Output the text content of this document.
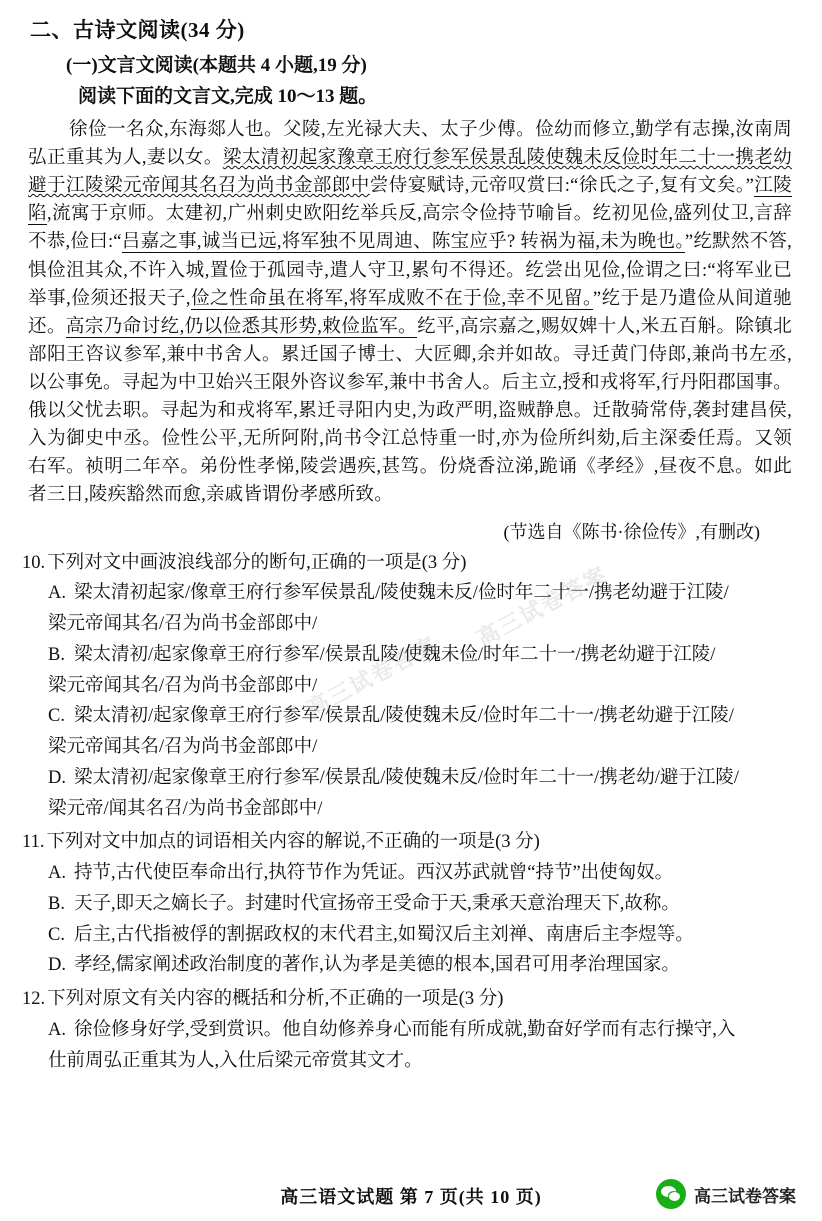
二、古诗文阅读(34 分)
(一)文言文阅读(本题共 4 小题,19 分)
阅读下面的文言文,完成 10～13 题。
徐俭一名众,东海郯人也。父陵,左光禄大夫、太子少傅。俭幼而修立,勤学有志操,汝南周弘正重其为人,妻以女。梁太清初起家豫章王府行参军侯景乱陵使魏未反俭时年二十一携老幼避于江陵梁元帝闻其名召为尚书金部郎中尝侍宴赋诗,元帝叹赏曰:“徐氏之子,复有文矣。”江陵陷,流寓于京师。太建初,广州刺史欧阳纥举兵反,高宗令俭持节喻旨。纥初见俭,盛列仗卫,言辞不恭,俭曰:“吕嘉之事,诚当已远,将军独不见周迪、陈宝应乎? 转祸为福,未为晚也。”纥默然不答,惧俭沮其众,不许入城,置俭于孤园寺,遣人守卫,累句不得还。纥尝出见俭,俭谓之曰:“将军业已举事,俭须还报天子,俭之性命虽在将军,将军成败不在于俭,幸不见留。”纥于是乃遣俭从间道驰还。高宗乃命讨纥,仍以俭悉其形势,敕俭监军。纥平,高宗嘉之,赐奴婢十人,米五百斛。除镇北部阳王咨议参军,兼中书舍人。累迁国子博士、大匠卿,余并如故。寻迁黄门侍郎,兼尚书左丞,以公事免。寻起为中卫始兴王限外咨议参军,兼中书舍人。后主立,授和戎将军,行丹阳郡国事。俄以父忧去职。寻起为和戎将军,累迁寻阳内史,为政严明,盗贼静息。迁散骑常侍,袭封建昌侯,入为御史中丞。俭性公平,无所阿附,尚书令江总恃重一时,亦为俭所纠劾,后主深委任焉。又领右军。祯明二年卒。弟份性孝悌,陵尝遇疾,甚笃。份烧香泣涕,跪诵《孝经》,昼夜不息。如此者三日,陵疾豁然而愈,亲戚皆谓份孝感所致。
(节选自《陈书·徐俭传》,有删改)
10. 下列对文中画波浪线部分的断句,正确的一项是(3 分)
A. 梁太清初起家/像章王府行参军侯景乱/陵使魏未反/俭时年二十一/携老幼避于江陵/
梁元帝闻其名/召为尚书金部郎中/
B. 梁太清初/起家像章王府行参军/侯景乱陵/使魏未俭/时年二十一/携老幼避于江陵/
梁元帝闻其名/召为尚书金部郎中/
C. 梁太清初/起家像章王府行参军/侯景乱/陵使魏未反/俭时年二十一/携老幼避于江陵/
梁元帝闻其名/召为尚书金部郎中/
D. 梁太清初/起家像章王府行参军/侯景乱/陵使魏未反/俭时年二十一/携老幼/避于江陵/
梁元帝/闻其名召/为尚书金部郎中/
11. 下列对文中加点的词语相关内容的解说,不正确的一项是(3 分)
A. 持节,古代使臣奉命出行,执符节作为凭证。西汉苏武就曾“持节”出使匈奴。
B. 天子,即天之嫡长子。封建时代宣扬帝王受命于天,秉承天意治理天下,故称。
C. 后主,古代指被俘的割据政权的末代君主,如蜀汉后主刘禅、南唐后主李煜等。
D. 孝经,儒家阐述政治制度的著作,认为孝是美德的根本,国君可用孝治理国家。
12. 下列对原文有关内容的概括和分析,不正确的一项是(3 分)
A. 徐俭修身好学,受到赏识。他自幼修养身心而能有所成就,勤奋好学而有志行操守,入
仕前周弘正重其为人,入仕后梁元帝赏其文才。
高三试卷答案
高三试卷答案
高三语文试题 第 7 页(共 10 页)	高三试卷答案
